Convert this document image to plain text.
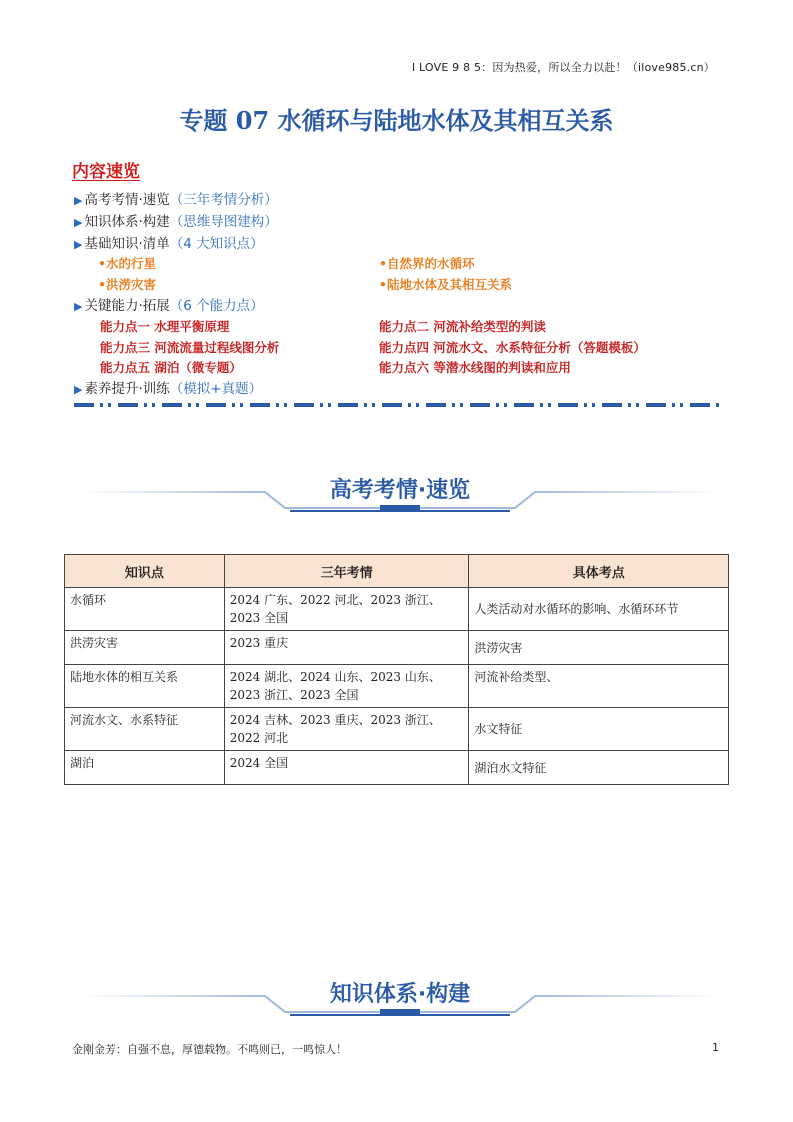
I LOVE 9 8 5：因为热爱，所以全力以赴！（ilove985.cn）
专题 07 水循环与陆地水体及其相互关系
内容速览
▶ 高考考情·速览（三年考情分析）
▶ 知识体系·构建（思维导图建构）
▶ 基础知识·清单（4 大知识点）
•水的行星	•自然界的水循环
•洪涝灾害	•陆地水体及其相互关系
▶ 关键能力·拓展（6 个能力点）
能力点一 水理平衡原理	能力点二 河流补给类型的判读
能力点三 河流流量过程线图分析	能力点四 河流水文、水系特征分析（答题模板）
能力点五 湖泊（微专题）	能力点六 等潜水线图的判读和应用
▶ 素养提升·训练（模拟+真题）
高考考情·速览
知识点	三年考情	具体考点
水循环	2024 广东、2022 河北、2023 浙江、2023 全国	人类活动对水循环的影响、水循环环节
洪涝灾害	2023 重庆	洪涝灾害
陆地水体的相互关系	2024 湖北、2024 山东、2023 山东、2023 浙江、2023 全国	河流补给类型、
河流水文、水系特征	2024 吉林、2023 重庆、2023 浙江、2022 河北	水文特征
湖泊	2024 全国	湖泊水文特征
知识体系·构建
金刚金芳：自强不息，厚德载物。不鸣则已，一鸣惊人！	1
